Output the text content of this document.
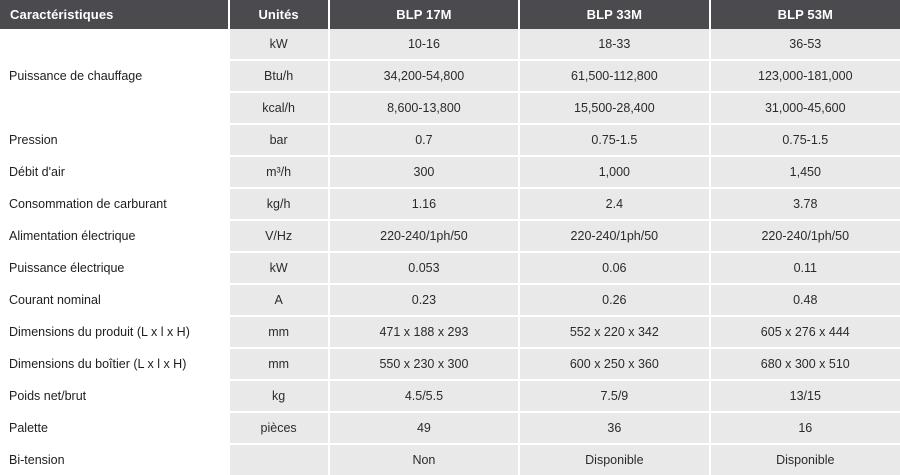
Caractéristiques	Unités	BLP 17M	BLP 33M	BLP 53M
Puissance de chauffage	kW	10-16	18-33	36-53
	Btu/h	34,200-54,800	61,500-112,800	123,000-181,000
	kcal/h	8,600-13,800	15,500-28,400	31,000-45,600
Pression	bar	0.7	0.75-1.5	0.75-1.5
Débit d'air	m³/h	300	1,000	1,450
Consommation de carburant	kg/h	1.16	2.4	3.78
Alimentation électrique	V/Hz	220-240/1ph/50	220-240/1ph/50	220-240/1ph/50
Puissance électrique	kW	0.053	0.06	0.11
Courant nominal	A	0.23	0.26	0.48
Dimensions du produit (L x l x H)	mm	471 x 188 x 293	552 x 220 x 342	605 x 276 x 444
Dimensions du boîtier (L x l x H)	mm	550 x 230 x 300	600 x 250 x 360	680 x 300 x 510
Poids net/brut	kg	4.5/5.5	7.5/9	13/15
Palette	pièces	49	36	16
Bi-tension		Non	Disponible	Disponible
